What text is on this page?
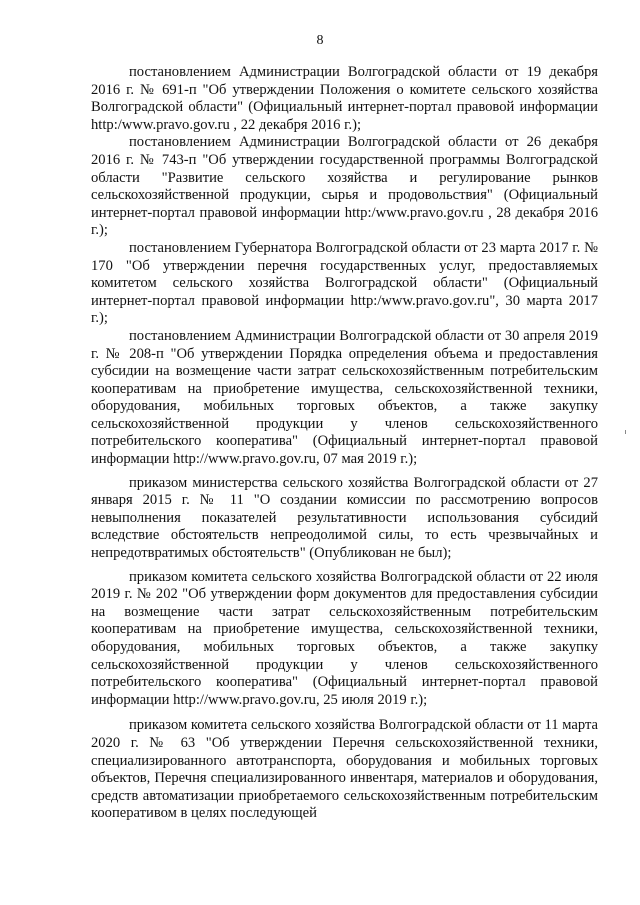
8

постановлением Администрации Волгоградской области от 19 декабря 2016 г. № 691-п "Об утверждении Положения о комитете сельского хозяйства Волгоградской области" (Официальный интернет-портал правовой информации http:/www.pravo.gov.ru , 22 декабря 2016 г.);

постановлением Администрации Волгоградской области от 26 декабря 2016 г. № 743-п "Об утверждении государственной программы Волгоградской области "Развитие сельского хозяйства и регулирование рынков сельскохозяйственной продукции, сырья и продовольствия" (Официальный интернет-портал правовой информации http:/www.pravo.gov.ru , 28 декабря 2016 г.);

постановлением Губернатора Волгоградской области от 23 марта 2017 г. № 170 "Об утверждении перечня государственных услуг, предоставляемых комитетом сельского хозяйства Волгоградской области" (Официальный интернет-портал правовой информации http:/www.pravo.gov.ru", 30 марта 2017 г.);

постановлением Администрации Волгоградской области от 30 апреля 2019 г. № 208-п "Об утверждении Порядка определения объема и предоставления субсидии на возмещение части затрат сельскохозяйственным потребительским кооперативам на приобретение имущества, сельскохозяйственной техники, оборудования, мобильных торговых объектов, а также закупку сельскохозяйственной продукции у членов сельскохозяйственного потребительского кооператива" (Официальный интернет-портал правовой информации http://www.pravo.gov.ru, 07 мая 2019 г.);

приказом министерства сельского хозяйства Волгоградской области от 27 января 2015 г. № 11 "О создании комиссии по рассмотрению вопросов невыполнения показателей результативности использования субсидий вследствие обстоятельств непреодолимой силы, то есть чрезвычайных и непредотвратимых обстоятельств" (Опубликован не был);

приказом комитета сельского хозяйства Волгоградской области от 22 июля 2019 г. № 202 "Об утверждении форм документов для предоставления субсидии на возмещение части затрат сельскохозяйственным потребительским кооперативам на приобретение имущества, сельскохозяйственной техники, оборудования, мобильных торговых объектов, а также закупку сельскохозяйственной продукции у членов сельскохозяйственного потребительского кооператива" (Официальный интернет-портал правовой информации http://www.pravo.gov.ru, 25 июля 2019 г.);

приказом комитета сельского хозяйства Волгоградской области от 11 марта 2020 г. № 63 "Об утверждении Перечня сельскохозяйственной техники, специализированного автотранспорта, оборудования и мобильных торговых объектов, Перечня специализированного инвентаря, материалов и оборудования, средств автоматизации приобретаемого сельскохозяйственным потребительским кооперативом в целях последующей
